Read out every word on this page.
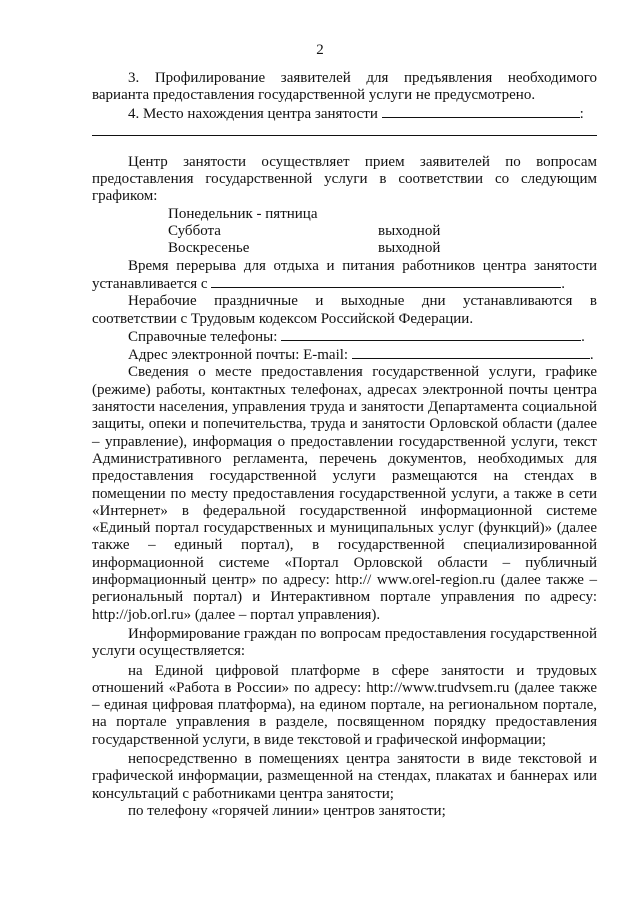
2

3. Профилирование заявителей для предъявления необходимого варианта предоставления государственной услуги не предусмотрено.

4. Место нахождения центра занятости	:

Центр занятости осуществляет прием заявителей по вопросам предоставления государственной услуги в соответствии со следующим графиком:

Понедельник - пятница
Суббота	выходной
Воскресенье	выходной

Время перерыва для отдыха и питания работников центра занятости устанавливается с	.

Нерабочие праздничные и выходные дни устанавливаются в соответствии с Трудовым кодексом Российской Федерации.

Справочные телефоны:	.

Адрес электронной почты: E-mail:	.

Сведения о месте предоставления государственной услуги, графике (режиме) работы, контактных телефонах, адресах электронной почты центра занятости населения, управления труда и занятости Департамента социальной защиты, опеки и попечительства, труда и занятости Орловской области (далее – управление), информация о предоставлении государственной услуги, текст Административного регламента, перечень документов, необходимых для предоставления государственной услуги размещаются на стендах в помещении по месту предоставления государственной услуги, а также в сети «Интернет» в федеральной государственной информационной системе «Единый портал государственных и муниципальных услуг (функций)» (далее также – единый портал), в государственной специализированной информационной системе «Портал Орловской области – публичный информационный центр» по адресу: http:// www.orel-region.ru (далее также – региональный портал) и Интерактивном портале управления по адресу: http://job.orl.ru» (далее – портал управления).

Информирование граждан по вопросам предоставления государственной услуги осуществляется:

на Единой цифровой платформе в сфере занятости и трудовых отношений «Работа в России» по адресу: http://www.trudvsem.ru (далее также – единая цифровая платформа), на едином портале, на региональном портале, на портале управления в разделе, посвященном порядку предоставления государственной услуги, в виде текстовой и графической информации;

непосредственно в помещениях центра занятости в виде текстовой и графической информации, размещенной на стендах, плакатах и баннерах или консультаций с работниками центра занятости;

по телефону «горячей линии» центров занятости;
